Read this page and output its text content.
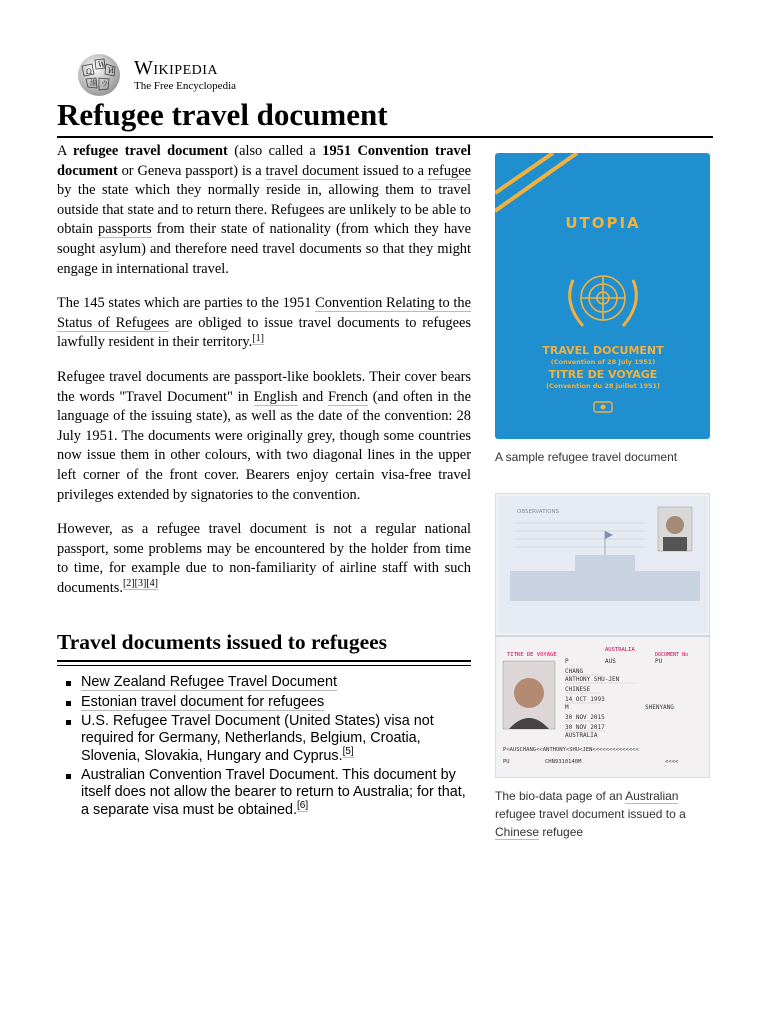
Ω
W
И
維 ウ
Wikipedia
The Free Encyclopedia
Refugee travel document

A refugee travel document (also called a 1951 Convention travel document or Geneva passport) is a travel document issued to a refugee by the state which they normally reside in, allowing them to travel outside that state and to return there. Refugees are unlikely to be able to obtain passports from their state of nationality (from which they have sought asylum) and therefore need travel documents so that they might engage in international travel.

The 145 states which are parties to the 1951 Convention Relating to the Status of Refugees are obliged to issue travel documents to refugees lawfully resident in their territory.[1]

Refugee travel documents are passport-like booklets. Their cover bears the words "Travel Document" in English and French (and often in the language of the issuing state), as well as the date of the convention: 28 July 1951. The documents were originally grey, though some countries now issue them in other colours, with two diagonal lines in the upper left corner of the front cover. Bearers enjoy certain visa-free travel privileges extended by signatories to the convention.

However, as a refugee travel document is not a regular national passport, some problems may be encountered by the holder from time to time, for example due to non-familiarity of airline staff with such documents.[2][3][4]

Travel documents issued to refugees
New Zealand Refugee Travel Document
Estonian travel document for refugees
U.S. Refugee Travel Document (United States) visa not required for Germany, Netherlands, Belgium, Croatia, Slovenia, Slovakia, Hungary and Cyprus.[5]
Australian Convention Travel Document. This document by itself does not allow the bearer to return to Australia; for that, a separate visa must be obtained.[6]
UTOPIA
TRAVEL DOCUMENT
(Convention of 28 July 1951)
TITRE DE VOYAGE
(Convention du 28 juillet 1951)
A sample refugee travel document
OBSERVATIONS
TITRE DE VOYAGE
AUSTRALIA
DOCUMENT No
P	AUS	PU
CHANG
ANTHONY SHU-JEN
CHINESE
14 OCT 1993
M
30 NOV 2015
30 NOV 2017
AUSTRALIA
SHENYANG
P<AUSCHANG<<ANTHONY<SHU<JEN<<<<<<<<<<<<<<
PU	CHN9310140M	<<<<
The bio-data page of an Australian refugee travel document issued to a Chinese refugee
